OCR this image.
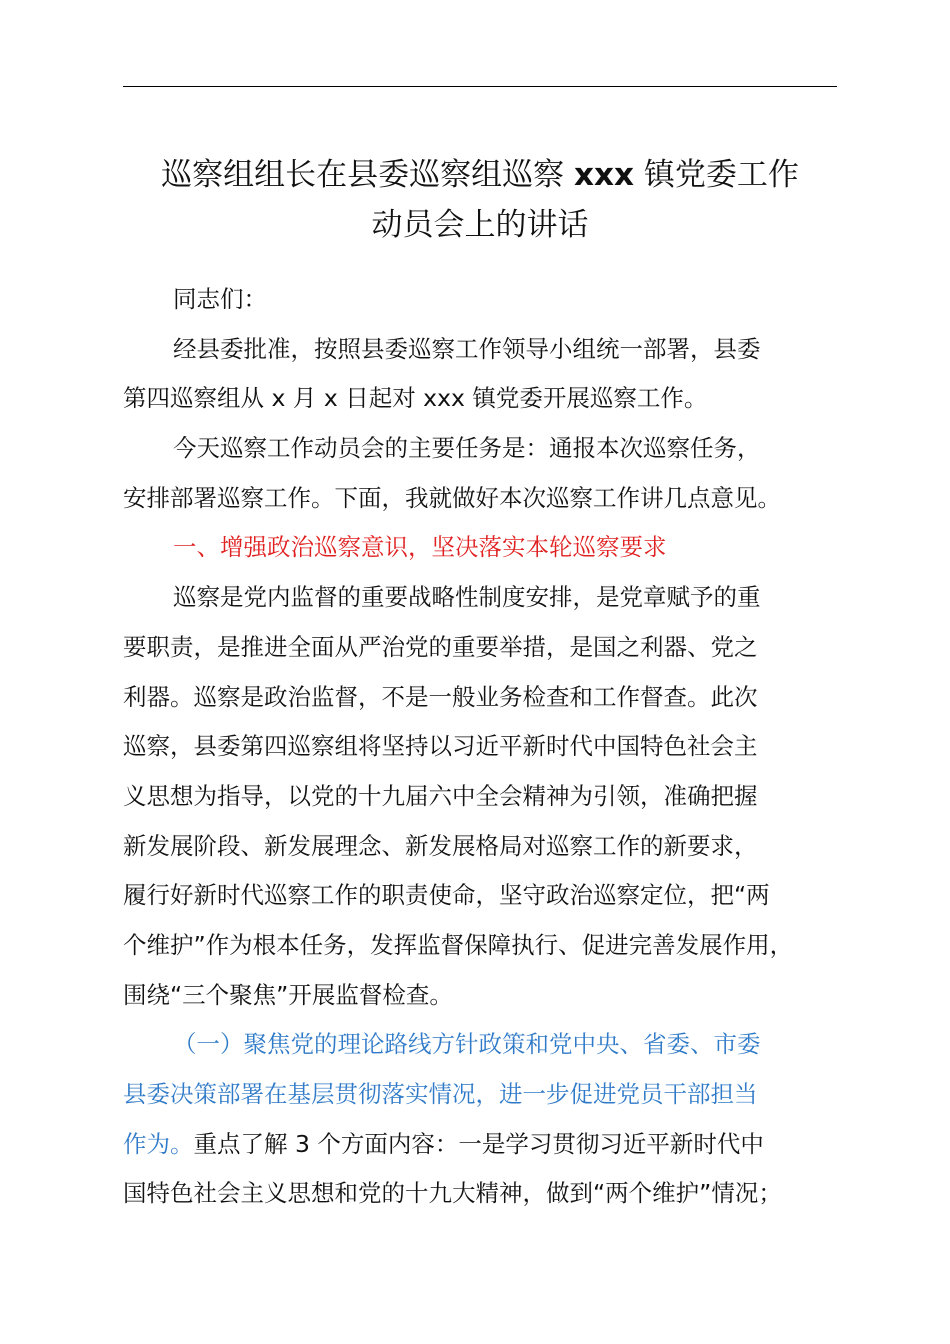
巡察组组长在县委巡察组巡察 xxx 镇党委工作
动员会上的讲话
同志们：
经县委批准，按照县委巡察工作领导小组统一部署，县委
第四巡察组从 x 月 x 日起对 xxx 镇党委开展巡察工作。
今天巡察工作动员会的主要任务是：通报本次巡察任务，
安排部署巡察工作。下面，我就做好本次巡察工作讲几点意见。
一、增强政治巡察意识，坚决落实本轮巡察要求
巡察是党内监督的重要战略性制度安排，是党章赋予的重
要职责，是推进全面从严治党的重要举措，是国之利器、党之
利器。巡察是政治监督，不是一般业务检查和工作督查。此次
巡察，县委第四巡察组将坚持以习近平新时代中国特色社会主
义思想为指导，以党的十九届六中全会精神为引领，准确把握
新发展阶段、新发展理念、新发展格局对巡察工作的新要求，
履行好新时代巡察工作的职责使命，坚守政治巡察定位，把“两
个维护”作为根本任务，发挥监督保障执行、促进完善发展作用，
围绕“三个聚焦”开展监督检查。
（一）聚焦党的理论路线方针政策和党中央、省委、市委
县委决策部署在基层贯彻落实情况，进一步促进党员干部担当
作为。重点了解 3 个方面内容：一是学习贯彻习近平新时代中
国特色社会主义思想和党的十九大精神，做到“两个维护”情况；
